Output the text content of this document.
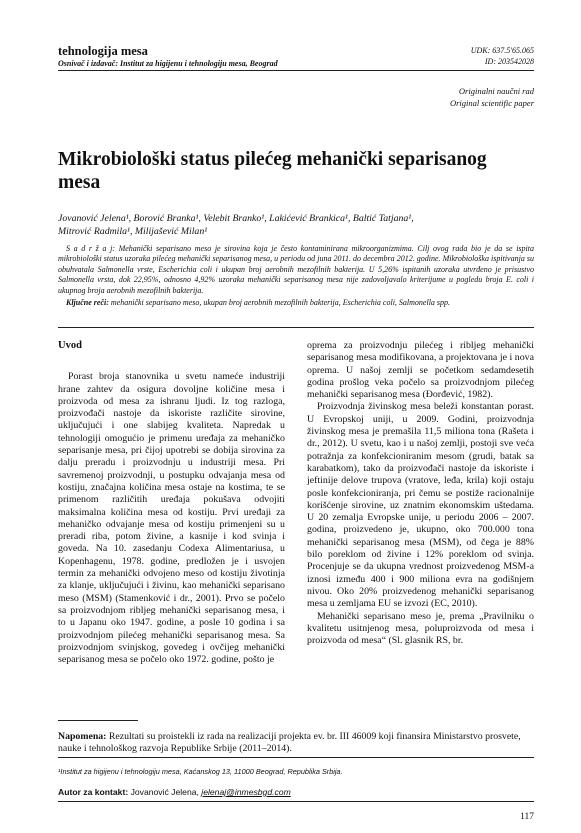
tehnologija mesa
Osnivač i izdavač: Institut za higijenu i tehnologiju mesa, Beograd
UDK: 637.5'65.065
ID: 203542028
Originalni naučni rad
Original scientific paper
Mikrobiološki status pilećeg mehanički separisanog mesa
Jovanović Jelena¹, Borović Branka¹, Velebit Branko¹, Lakićević Brankica¹, Baltić Tatjana¹,
Mitrović Radmila¹, Milijašević Milan¹
S a d r ž a j: Mehanički separisano meso je sirovina koja je često kontaminirana mikroorganizmima. Cilj ovog rada bio je da se ispita mikrobiološki status uzoraka pilećeg mehanički separisanog mesa, u periodu od juna 2011. do decembra 2012. godine. Mikrobiološka ispitivanja su obuhvatala Salmonella vrste, Escherichia coli i ukupan broj aerobnih mezofilnih bakterija. U 5,26% ispitanih uzoraka utvrđeno je prisustvo Salmonella vrsta, dok 22,95%, odnosno 4,92% uzoraka mehanički separisanog mesa nije zadovoljavalo kriterijume u pogledu broja E. coli i ukupnog broja aerobnih mezofilnih bakterija.
Ključne reči: mehanički separisano meso, ukupan broj aerobnih mezofilnih bakterija, Escherichia coli, Salmonella spp.

Uvod

Porast broja stanovnika u svetu nameće industriji hrane zahtev da osigura dovoljne količine mesa i proizvoda od mesa za ishranu ljudi. Iz tog razloga, proizvođači nastoje da iskoriste različite sirovine, uključujući i one slabijeg kvaliteta. Napredak u tehnologiji omogućio je primenu uređaja za mehaničko separisanje mesa, pri čijoj upotrebi se dobija sirovina za dalju preradu i proizvodnju u industriji mesa. Pri savremenoj proizvodnji, u postupku odvajanja mesa od kostiju, značajna količina mesa ostaje na kostima, te se primenom različitih uređaja pokušava odvojiti maksimalna količina mesa od kostiju. Prvi uređaji za mehaničko odvajanje mesa od kostiju primenjeni su u preradi riba, potom živine, a kasnije i kod svinja i goveda. Na 10. zasedanju Codexa Alimentariusa, u Kopenhagenu, 1978. godine, predložen je i usvojen termin za mehanički odvojeno meso od kostiju životinja za klanje, uključujući i živinu, kao mehanički separisano meso (MSM) (Stamenković i dr., 2001). Prvo se počelo sa proizvodnjom ribljeg mehanički separisanog mesa, i to u Japanu oko 1947. godine, a posle 10 godina i sa proizvodnjom pilećeg mehanički separisanog mesa. Sa proizvodnjom svinjskog, govedeg i ovčijeg mehanički separisanog mesa se počelo oko 1972. godine, pošto je

oprema za proizvodnju pilećeg i ribljeg mehanički separisanog mesa modifikovana, a projektovana je i nova oprema. U našoj zemlji se početkom sedamdesetih godina prošlog veka počelo sa proizvodnjom pilećeg mehanički separisanog mesa (Đorđević, 1982).

Proizvodnja živinskog mesa beleži konstantan porast. U Evropskoj uniji, u 2009. Godini, proizvodnja živinskog mesa je premašila 11,5 miliona tona (Rašeta i dr., 2012). U svetu, kao i u našoj zemlji, postoji sve veća potražnja za konfekcioniranim mesom (grudi, batak sa karabatkom), tako da proizvođači nastoje da iskoriste i jeftinije delove trupova (vratove, leđa, krila) koji ostaju posle konfekcioniranja, pri čemu se postiže racionalnije korišćenje sirovine, uz znatnim ekonomskim uštedama. U 20 zemalja Evropske unije, u periodu 2006 – 2007. godina, proizvedeno je, ukupno, oko 700.000 tona mehanički separisanog mesa (MSM), od čega je 88% bilo poreklom od živine i 12% poreklom od svinja. Procenjuje se da ukupna vrednost proizvedenog MSM-a iznosi između 400 i 900 miliona evra na godišnjem nivou. Oko 20% proizvedenog mehanički separisanog mesa u zemljama EU se izvozi (EC, 2010).

Mehanički separisano meso je, prema „Pravilniku o kvalitetu usitnjenog mesa, poluproizvoda od mesa i proizvoda od mesa“ (Sl. glasnik RS, br.

Napomena: Rezultati su proistekli iz rada na realizaciji projekta ev. br. III 46009 koji finansira Ministarstvo prosvete, nauke i tehnološkog razvoja Republike Srbije (2011–2014).
¹Institut za higijenu i tehnologiju mesa, Kaćanskog 13, 11000 Beograd, Republika Srbija.
Autor za kontakt: Jovanović Jelena, jelenaj@inmesbgd.com
117
